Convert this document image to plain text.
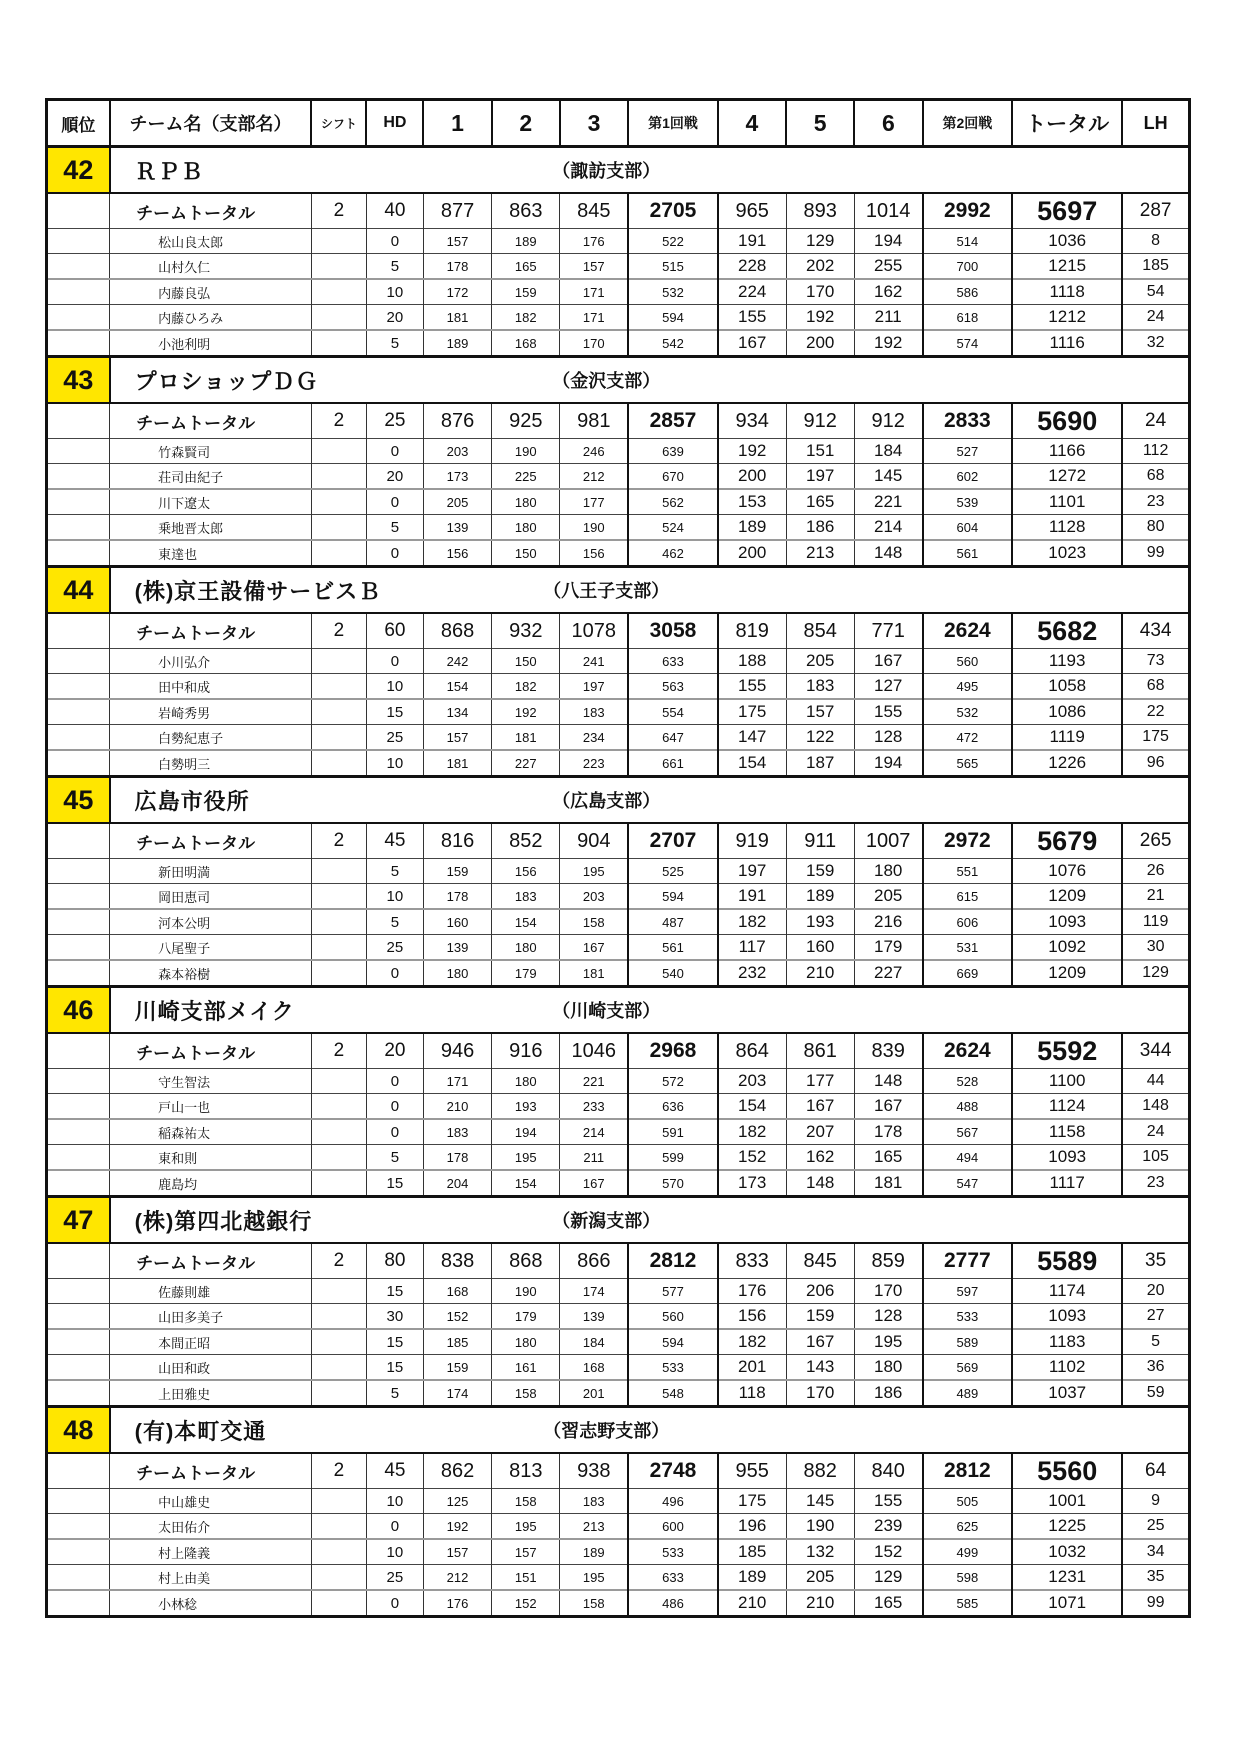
順位	チーム名（支部名）	シフト	HD	1	2	3	第1回戦	4	5	6	第2回戦	トータル	LH
42	ＲＰＢ （諏訪支部）												

	チームトータル	2	40	877	863	845	2705	965	893	1014	2992	5697	287
	松山良太郎		0	157	189	176	522	191	129	194	514	1036	8
	山村久仁		5	178	165	157	515	228	202	255	700	1215	185
	内藤良弘		10	172	159	171	532	224	170	162	586	1118	54
	内藤ひろみ		20	181	182	171	594	155	192	211	618	1212	24
	小池利明		5	189	168	170	542	167	200	192	574	1116	32
43	プロショップＤＧ （金沢支部）												

	チームトータル	2	25	876	925	981	2857	934	912	912	2833	5690	24
	竹森賢司		0	203	190	246	639	192	151	184	527	1166	112
	荘司由紀子		20	173	225	212	670	200	197	145	602	1272	68
	川下遼太		0	205	180	177	562	153	165	221	539	1101	23
	乗地晋太郎		5	139	180	190	524	189	186	214	604	1128	80
	東達也		0	156	150	156	462	200	213	148	561	1023	99
44	(株)京王設備サービスＢ （八王子支部）												

	チームトータル	2	60	868	932	1078	3058	819	854	771	2624	5682	434
	小川弘介		0	242	150	241	633	188	205	167	560	1193	73
	田中和成		10	154	182	197	563	155	183	127	495	1058	68
	岩崎秀男		15	134	192	183	554	175	157	155	532	1086	22
	白勢紀恵子		25	157	181	234	647	147	122	128	472	1119	175
	白勢明三		10	181	227	223	661	154	187	194	565	1226	96
45	広島市役所 （広島支部）												

	チームトータル	2	45	816	852	904	2707	919	911	1007	2972	5679	265
	新田明満		5	159	156	195	525	197	159	180	551	1076	26
	岡田恵司		10	178	183	203	594	191	189	205	615	1209	21
	河本公明		5	160	154	158	487	182	193	216	606	1093	119
	八尾聖子		25	139	180	167	561	117	160	179	531	1092	30
	森本裕樹		0	180	179	181	540	232	210	227	669	1209	129
46	川崎支部メイク （川崎支部）												

	チームトータル	2	20	946	916	1046	2968	864	861	839	2624	5592	344
	守生智法		0	171	180	221	572	203	177	148	528	1100	44
	戸山一也		0	210	193	233	636	154	167	167	488	1124	148
	稲森祐太		0	183	194	214	591	182	207	178	567	1158	24
	東和則		5	178	195	211	599	152	162	165	494	1093	105
	鹿島均		15	204	154	167	570	173	148	181	547	1117	23
47	(株)第四北越銀行 （新潟支部）												

	チームトータル	2	80	838	868	866	2812	833	845	859	2777	5589	35
	佐藤則雄		15	168	190	174	577	176	206	170	597	1174	20
	山田多美子		30	152	179	139	560	156	159	128	533	1093	27
	本間正昭		15	185	180	184	594	182	167	195	589	1183	5
	山田和政		15	159	161	168	533	201	143	180	569	1102	36
	上田雅史		5	174	158	201	548	118	170	186	489	1037	59
48	(有)本町交通 （習志野支部）												

	チームトータル	2	45	862	813	938	2748	955	882	840	2812	5560	64
	中山雄史		10	125	158	183	496	175	145	155	505	1001	9
	太田佑介		0	192	195	213	600	196	190	239	625	1225	25
	村上隆義		10	157	157	189	533	185	132	152	499	1032	34
	村上由美		25	212	151	195	633	189	205	129	598	1231	35
	小林稔		0	176	152	158	486	210	210	165	585	1071	99
